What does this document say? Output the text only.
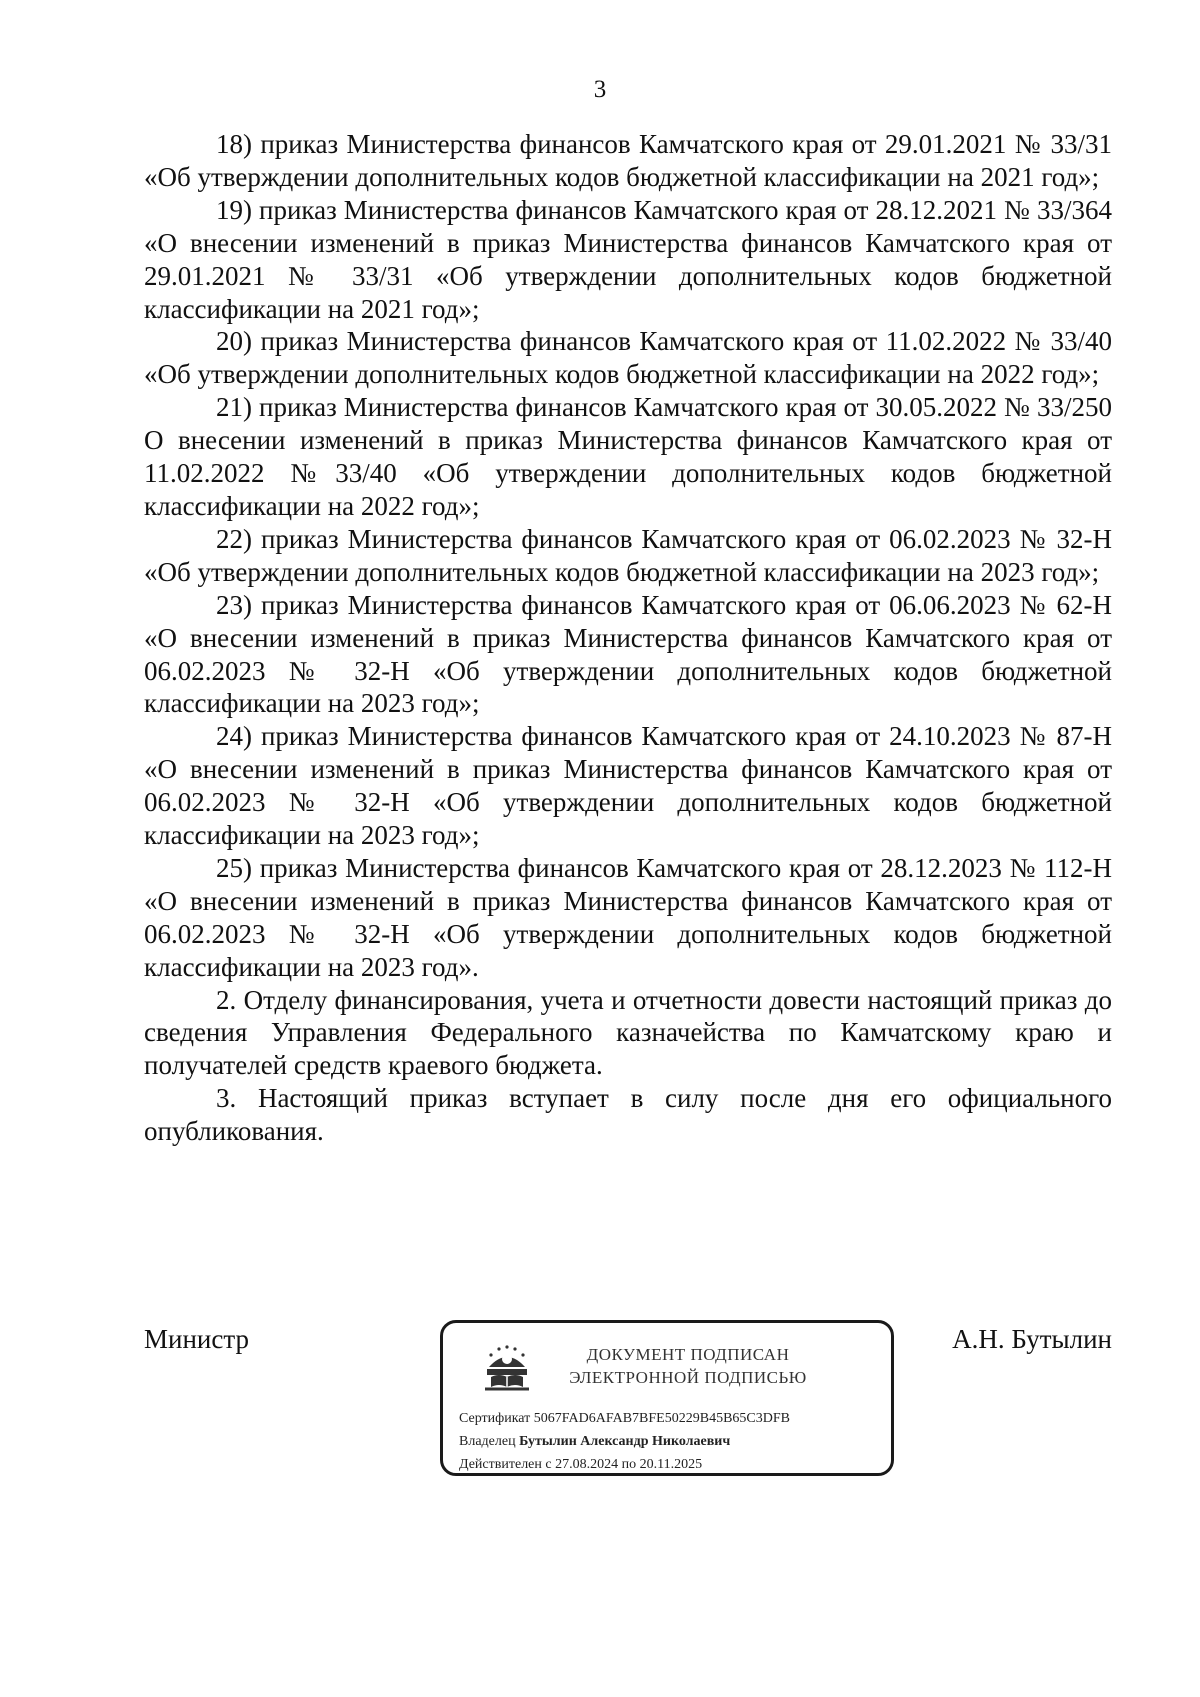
3

18) приказ Министерства финансов Камчатского края от 29.01.2021 № 33/31 «Об утверждении дополнительных кодов бюджетной классификации на 2021 год»;

19) приказ Министерства финансов Камчатского края от 28.12.2021 № 33/364 «О внесении изменений в приказ Министерства финансов Камчатского края от 29.01.2021 № 33/31 «Об утверждении дополнительных кодов бюджетной классификации на 2021 год»;

20) приказ Министерства финансов Камчатского края от 11.02.2022 № 33/40 «Об утверждении дополнительных кодов бюджетной классификации на 2022 год»;

21) приказ Министерства финансов Камчатского края от 30.05.2022 № 33/250 О внесении изменений в приказ Министерства финансов Камчатского края от 11.02.2022 №33/40 «Об утверждении дополнительных кодов бюджетной классификации на 2022 год»;

22) приказ Министерства финансов Камчатского края от 06.02.2023 № 32-Н «Об утверждении дополнительных кодов бюджетной классификации на 2023 год»;

23) приказ Министерства финансов Камчатского края от 06.06.2023 № 62-Н «О внесении изменений в приказ Министерства финансов Камчатского края от 06.02.2023 № 32-Н «Об утверждении дополнительных кодов бюджетной классификации на 2023 год»;

24) приказ Министерства финансов Камчатского края от 24.10.2023 № 87-Н «О внесении изменений в приказ Министерства финансов Камчатского края от 06.02.2023 № 32-Н «Об утверждении дополнительных кодов бюджетной классификации на 2023 год»;

25) приказ Министерства финансов Камчатского края от 28.12.2023 № 112-Н «О внесении изменений в приказ Министерства финансов Камчатского края от 06.02.2023 № 32-Н «Об утверждении дополнительных кодов бюджетной классификации на 2023 год».

2. Отделу финансирования, учета и отчетности довести настоящий приказ до сведения Управления Федерального казначейства по Камчатскому краю и получателей средств краевого бюджета.

3. Настоящий приказ вступает в силу после дня его официального опубликования.

Министр
ДОКУМЕНТ ПОДПИСАН
ЭЛЕКТРОННОЙ ПОДПИСЬЮ
Сертификат 5067FAD6AFAB7BFE50229B45B65C3DFB
Владелец Бутылин Александр Николаевич
Действителен с 27.08.2024 по 20.11.2025
А.Н. Бутылин
